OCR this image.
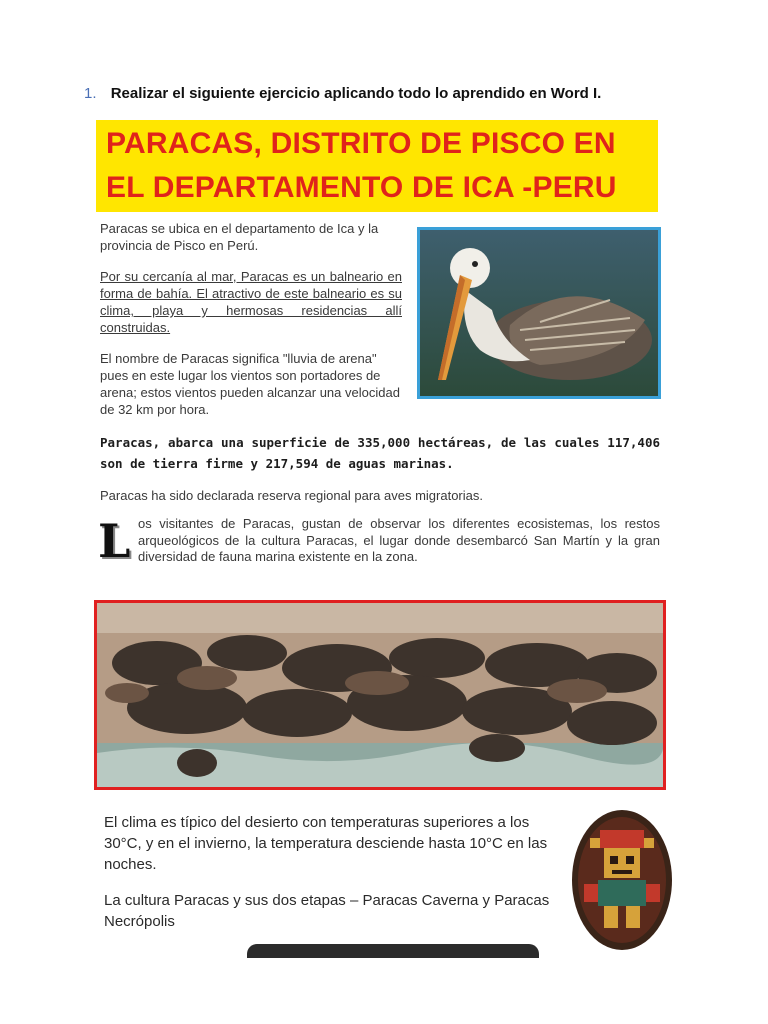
1. Realizar el siguiente ejercicio aplicando todo lo aprendido en Word I.
PARACAS, DISTRITO DE PISCO EN
EL DEPARTAMENTO DE ICA -PERU
Paracas se ubica en el departamento de Ica y la provincia de Pisco en Perú.
Por su cercanía al mar, Paracas es un balneario en forma de bahía. El atractivo de este balneario es su clima, playa y hermosas residencias allí construidas.
El nombre de Paracas significa "lluvia de arena" pues en este lugar los vientos son portadores de arena; estos vientos pueden alcanzar una velocidad de 32 km por hora.
Paracas, abarca una superficie de 335,000 hectáreas, de las cuales 117,406 son de tierra firme y 217,594 de aguas marinas.
Paracas ha sido declarada reserva regional para aves migratorias.
L os visitantes de Paracas, gustan de observar los diferentes ecosistemas, los restos arqueológicos de la cultura Paracas, el lugar donde desembarcó San Martín y la gran diversidad de fauna marina existente en la zona.
El clima es típico del desierto con temperaturas superiores a los 30°C, y en el invierno, la temperatura desciende hasta 10°C en las noches.
La cultura Paracas y sus dos etapas – Paracas Caverna y Paracas Necrópolis
